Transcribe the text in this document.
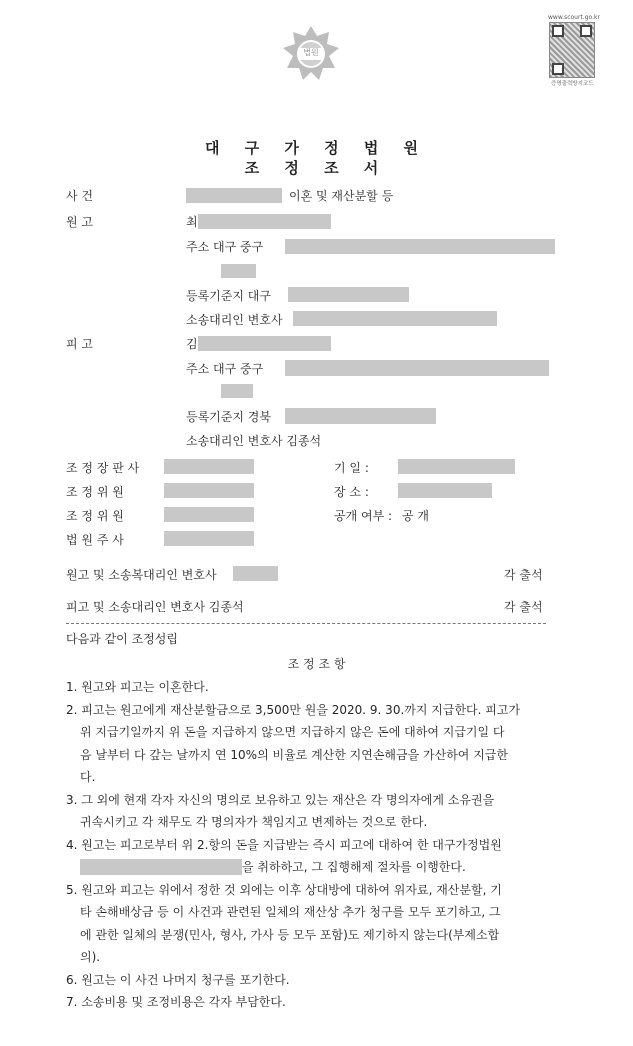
법원
www.scourt.go.kr
증명출력방지코드
대 구 가 정 법 원
조 정 조 서
사 건	이혼 및 재산분할 등
원 고	최
주소 대구 중구
등록기준지 대구
소송대리인 변호사
피 고	김
주소 대구 중구
등록기준지 경북
소송대리인 변호사 김종석
조 정 장 판 사	기 일 :
조 정 위 원	장 소 :
조 정 위 원	공개 여부 : 공 개
법 원 주 사
원고 및 소송복대리인 변호사	각 출석
피고 및 소송대리인 변호사 김종석	각 출석
다음과 같이 조정성립
조 정 조 항
1. 원고와 피고는 이혼한다.
2. 피고는 원고에게 재산분할금으로 3,500만 원을 2020. 9. 30.까지 지급한다. 피고가
위 지급기일까지 위 돈을 지급하지 않으면 지급하지 않은 돈에 대하여 지급기일 다
음 날부터 다 갚는 날까지 연 10%의 비율로 계산한 지연손해금을 가산하여 지급한
다.
3. 그 외에 현재 각자 자신의 명의로 보유하고 있는 재산은 각 명의자에게 소유권을
귀속시키고 각 채무도 각 명의자가 책임지고 변제하는 것으로 한다.
4. 원고는 피고로부터 위 2.항의 돈을 지급받는 즉시 피고에 대하여 한 대구가정법원
을 취하하고, 그 집행해제 절차를 이행한다.
5. 원고와 피고는 위에서 정한 것 외에는 이후 상대방에 대하여 위자료, 재산분할, 기
타 손해배상금 등 이 사건과 관련된 일체의 재산상 추가 청구를 모두 포기하고, 그
에 관한 일체의 분쟁(민사, 형사, 가사 등 모두 포함)도 제기하지 않는다(부제소합
의).
6. 원고는 이 사건 나머지 청구를 포기한다.
7. 소송비용 및 조정비용은 각자 부담한다.
